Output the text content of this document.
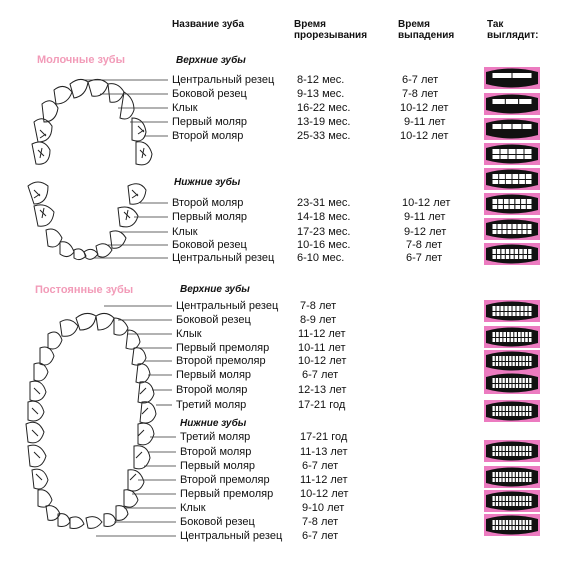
Название зуба	Время
прорезывания
Время
выпадения
Так
выглядит:
Молочные зубы	Верхние зубы
Нижние зубы
Постоянные зубы	Верхние зубы
Нижние зубы
Центральный резец 8-12 мес.	6-7 лет
Боковой резец	9-13 мес.	7-8 лет
Клык	16-22 мес.	10-12 лет
Первый моляр	13-19 мес.	9-11 лет
Второй моляр	25-33 мес.	10-12 лет
Второй моляр	23-31 мес.	10-12 лет
Первый моляр	14-18 мес.	9-11 лет
Клык	17-23 мес.	9-12 лет
Боковой резец	10-16 мес.	7-8 лет
Центральный резец 6-10 мес.	6-7 лет
Центральный резец 7-8 лет
Боковой резец	8-9 лет
Клык	11-12 лет
Первый премоляр	10-11 лет
Второй премоляр	10-12 лет
Первый моляр	6-7 лет
Второй моляр	12-13 лет
Третий моляр	17-21 год
Третий моляр	17-21 год
Второй моляр	11-13 лет
Первый моляр	6-7 лет
Второй премоляр	11-12 лет
Первый премоляр 10-12 лет
Клык	9-10 лет
Боковой резец	7-8 лет
Центральный резец 6-7 лет
